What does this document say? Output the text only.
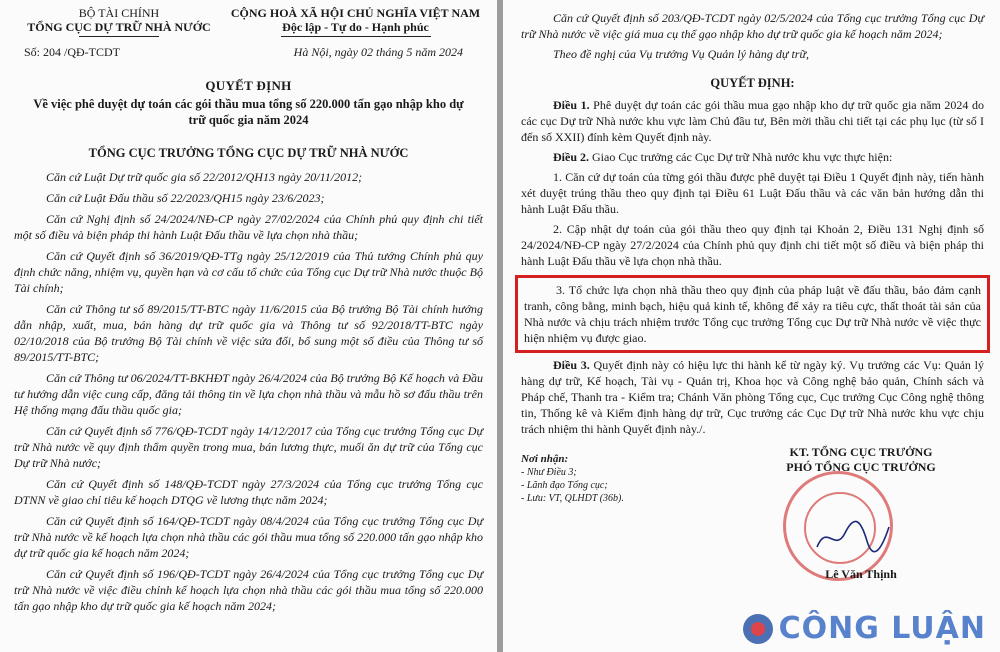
BỘ TÀI CHÍNH
TỔNG CỤC DỰ TRỮ NHÀ NƯỚC
CỘNG HOÀ XÃ HỘI CHỦ NGHĨA VIỆT NAM
Độc lập - Tự do - Hạnh phúc
Số: 204 /QĐ-TCDT	Hà Nội, ngày 02 tháng 5 năm 2024
QUYẾT ĐỊNH
Về việc phê duyệt dự toán các gói thầu mua tổng số 220.000 tấn gạo nhập kho dự trữ quốc gia năm 2024
TỔNG CỤC TRƯỞNG TỔNG CỤC DỰ TRỮ NHÀ NƯỚC

Căn cứ Luật Dự trữ quốc gia số 22/2012/QH13 ngày 20/11/2012;

Căn cứ Luật Đấu thầu số 22/2023/QH15 ngày 23/6/2023;

Căn cứ Nghị định số 24/2024/NĐ-CP ngày 27/02/2024 của Chính phủ quy định chi tiết một số điều và biện pháp thi hành Luật Đấu thầu về lựa chọn nhà thầu;

Căn cứ Quyết định số 36/2019/QĐ-TTg ngày 25/12/2019 của Thủ tướng Chính phủ quy định chức năng, nhiệm vụ, quyền hạn và cơ cấu tổ chức của Tổng cục Dự trữ Nhà nước thuộc Bộ Tài chính;

Căn cứ Thông tư số 89/2015/TT-BTC ngày 11/6/2015 của Bộ trưởng Bộ Tài chính hướng dẫn nhập, xuất, mua, bán hàng dự trữ quốc gia và Thông tư số 92/2018/TT-BTC ngày 02/10/2018 của Bộ trưởng Bộ Tài chính về việc sửa đổi, bổ sung một số điều của Thông tư số 89/2015/TT-BTC;

Căn cứ Thông tư 06/2024/TT-BKHĐT ngày 26/4/2024 của Bộ trưởng Bộ Kế hoạch và Đầu tư hướng dẫn việc cung cấp, đăng tải thông tin về lựa chọn nhà thầu và mẫu hồ sơ đấu thầu trên Hệ thống mạng đấu thầu quốc gia;

Căn cứ Quyết định số 776/QĐ-TCDT ngày 14/12/2017 của Tổng cục trưởng Tổng cục Dự trữ Nhà nước về quy định thẩm quyền trong mua, bán lương thực, muối ăn dự trữ của Tổng cục Dự trữ Nhà nước;

Căn cứ Quyết định số 148/QĐ-TCDT ngày 27/3/2024 của Tổng cục trưởng Tổng cục DTNN về giao chỉ tiêu kế hoạch DTQG về lương thực năm 2024;

Căn cứ Quyết định số 164/QĐ-TCDT ngày 08/4/2024 của Tổng cục trưởng Tổng cục Dự trữ Nhà nước về kế hoạch lựa chọn nhà thầu các gói thầu mua tổng số 220.000 tấn gạo nhập kho dự trữ quốc gia kế hoạch năm 2024;

Căn cứ Quyết định số 196/QĐ-TCDT ngày 26/4/2024 của Tổng cục trưởng Tổng cục Dự trữ Nhà nước về việc điều chỉnh kế hoạch lựa chọn nhà thầu các gói thầu mua tổng số 220.000 tấn gạo nhập kho dự trữ quốc gia kế hoạch năm 2024;

Căn cứ Quyết định số 203/QĐ-TCDT ngày 02/5/2024 của Tổng cục trưởng Tổng cục Dự trữ Nhà nước về việc giá mua cụ thể gạo nhập kho dự trữ quốc gia kế hoạch năm 2024;

Theo đề nghị của Vụ trưởng Vụ Quản lý hàng dự trữ,

QUYẾT ĐỊNH:

Điều 1. Phê duyệt dự toán các gói thầu mua gạo nhập kho dự trữ quốc gia năm 2024 do các cục Dự trữ Nhà nước khu vực làm Chủ đầu tư, Bên mời thầu chi tiết tại các phụ lục (từ số I đến số XXII) đính kèm Quyết định này.

Điều 2. Giao Cục trưởng các Cục Dự trữ Nhà nước khu vực thực hiện:

1. Căn cứ dự toán của từng gói thầu được phê duyệt tại Điều 1 Quyết định này, tiến hành xét duyệt trúng thầu theo quy định tại Điều 61 Luật Đấu thầu và các văn bản hướng dẫn thi hành Luật Đấu thầu.

2. Cập nhật dự toán của gói thầu theo quy định tại Khoản 2, Điều 131 Nghị định số 24/2024/NĐ-CP ngày 27/2/2024 của Chính phủ quy định chi tiết một số điều và biện pháp thi hành Luật Đấu thầu về lựa chọn nhà thầu.

3. Tổ chức lựa chọn nhà thầu theo quy định của pháp luật về đấu thầu, bảo đảm cạnh tranh, công bằng, minh bạch, hiệu quả kinh tế, không để xảy ra tiêu cực, thất thoát tài sản của Nhà nước và chịu trách nhiệm trước Tổng cục trưởng Tổng cục Dự trữ Nhà nước về việc thực hiện nhiệm vụ được giao.

Điều 3. Quyết định này có hiệu lực thi hành kể từ ngày ký. Vụ trưởng các Vụ: Quản lý hàng dự trữ, Kế hoạch, Tài vụ - Quản trị, Khoa học và Công nghệ bảo quản, Chính sách và Pháp chế, Thanh tra - Kiểm tra; Chánh Văn phòng Tổng cục, Cục trưởng Cục Công nghệ thông tin, Thống kê và Kiểm định hàng dự trữ, Cục trưởng các Cục Dự trữ Nhà nước khu vực chịu trách nhiệm thi hành Quyết định này./.

Nơi nhận:
- Như Điều 3;
- Lãnh đạo Tổng cục;
- Lưu: VT, QLHDT (36b).
KT. TỔNG CỤC TRƯỞNG
PHÓ TỔNG CỤC TRƯỞNG
Lê Văn Thịnh
CÔNG LUẬN
